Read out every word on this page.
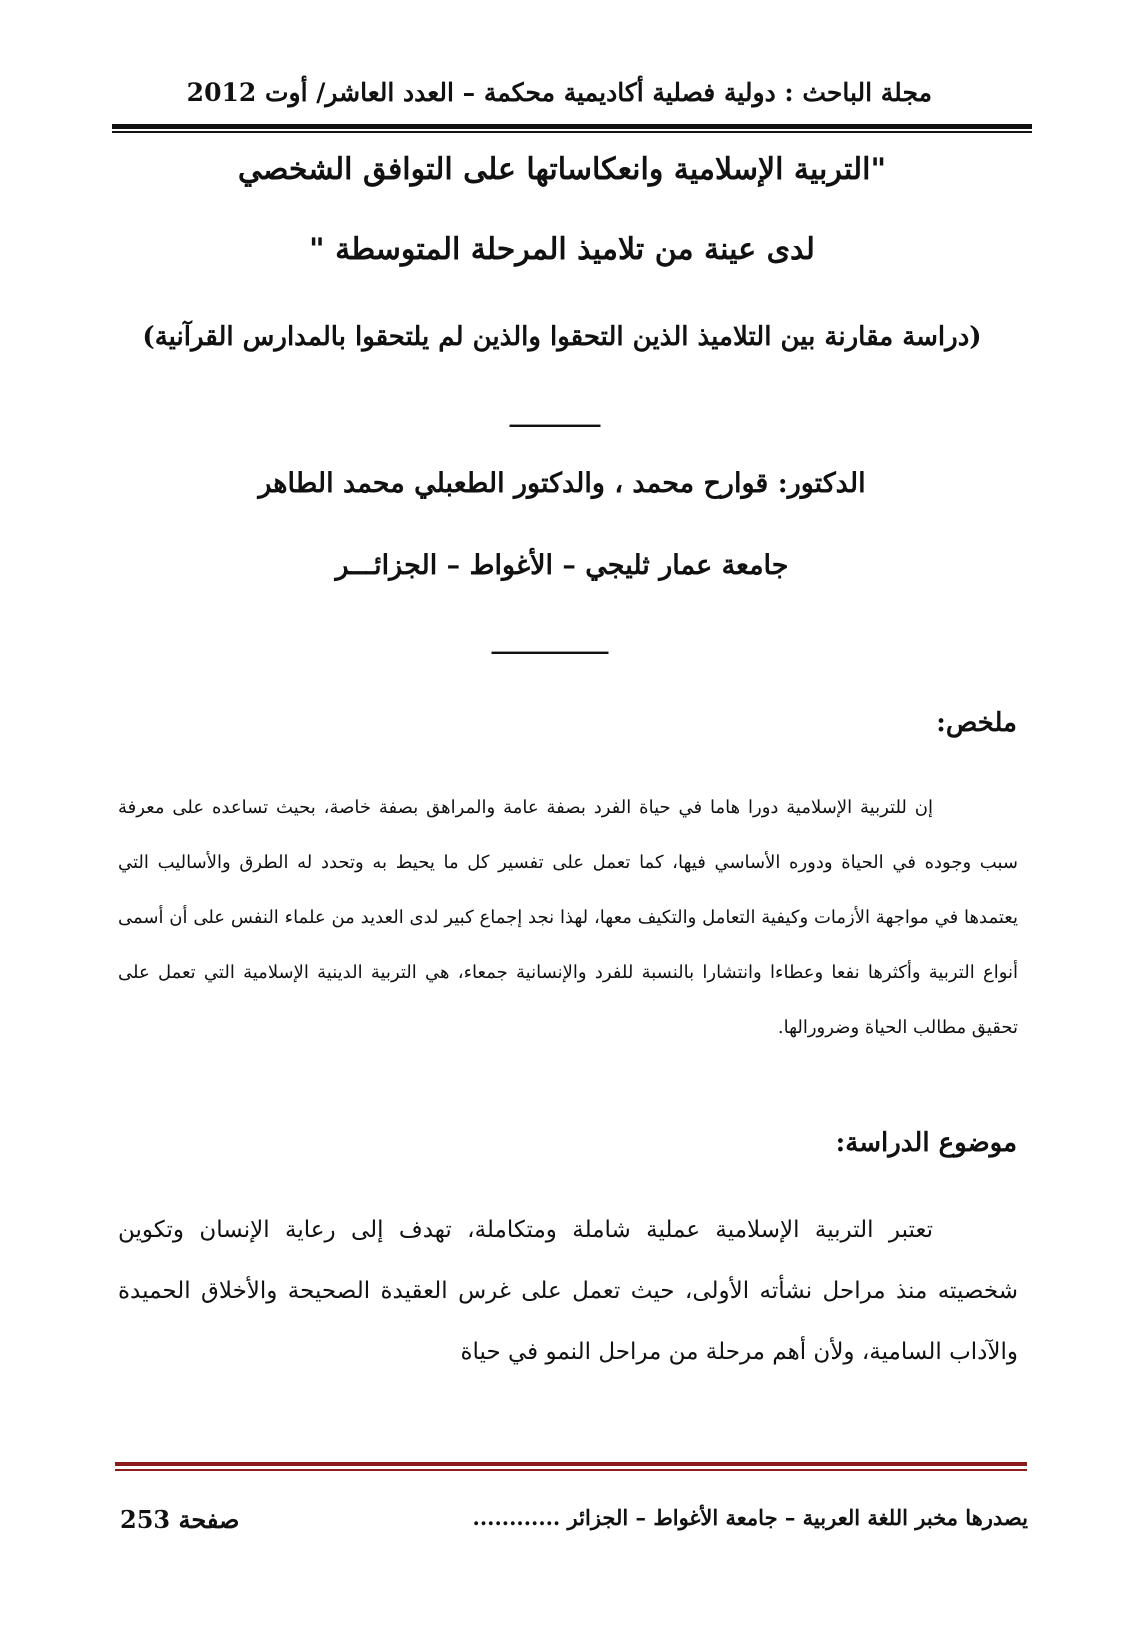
مجلة الباحث : دولية فصلية أكاديمية محكمة – العدد العاشر/ أوت 2012
"التربية الإسلامية وانعكاساتها على التوافق الشخصي
لدى عينة من تلاميذ المرحلة المتوسطة "
(دراسة مقارنة بين التلاميذ الذين التحقوا والذين لم يلتحقوا بالمدارس القرآنية)
_______
الدكتور: قوارح محمد ، والدكتور الطعبلي محمد الطاهر
جامعة عمار ثليجي – الأغواط – الجزائـــر
_________
ملخص:
إن للتربية الإسلامية دورا هاما في حياة الفرد بصفة عامة والمراهق بصفة خاصة، بحيث تساعده على معرفة سبب وجوده في الحياة ودوره الأساسي فيها، كما تعمل على تفسير كل ما يحيط به وتحدد له الطرق والأساليب التي يعتمدها في مواجهة الأزمات وكيفية التعامل والتكيف معها، لهذا نجد إجماع كبير لدى العديد من علماء النفس على أن أسمى أنواع التربية وأكثرها نفعا وعطاءا وانتشارا بالنسبة للفرد والإنسانية جمعاء، هي التربية الدينية الإسلامية التي تعمل على تحقيق مطالب الحياة وضرورالها.
موضوع الدراسة:
تعتبر التربية الإسلامية عملية شاملة ومتكاملة، تهدف إلى رعاية الإنسان وتكوين شخصيته منذ مراحل نشأته الأولى، حيث تعمل على غرس العقيدة الصحيحة والأخلاق الحميدة والآداب السامية، ولأن أهم مرحلة من مراحل النمو في حياة
يصدرها مخبر اللغة العربية – جامعة الأغواط – الجزائر ............
صفحة 253
